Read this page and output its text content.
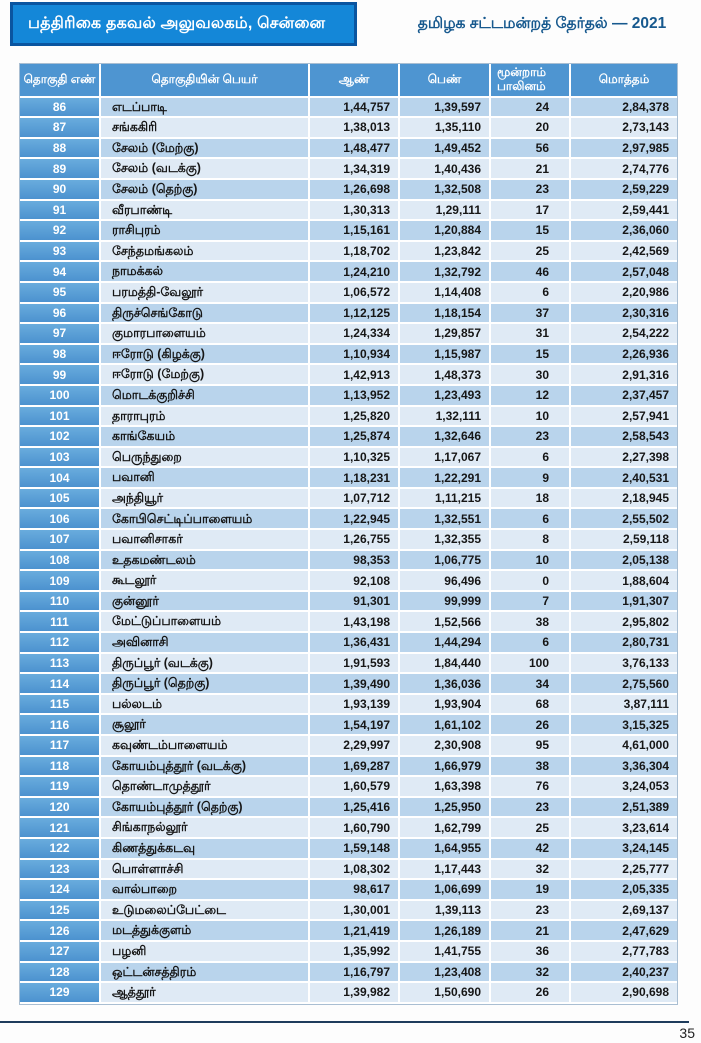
பத்திரிகை தகவல் அலுவலகம், சென்னை	தமிழக சட்டமன்றத் தேர்தல் — 2021
தொகுதி எண்	தொகுதியின் பெயர்	ஆண்	பெண்	மூன்றாம் பாலினம்	மொத்தம்
86	எடப்பாடி	1,44,757	1,39,597	24	2,84,378
87	சங்ககிரி	1,38,013	1,35,110	20	2,73,143
88	சேலம் (மேற்கு)	1,48,477	1,49,452	56	2,97,985
89	சேலம் (வடக்கு)	1,34,319	1,40,436	21	2,74,776
90	சேலம் (தெற்கு)	1,26,698	1,32,508	23	2,59,229
91	வீரபாண்டி	1,30,313	1,29,111	17	2,59,441
92	ராசிபுரம்	1,15,161	1,20,884	15	2,36,060
93	சேந்தமங்கலம்	1,18,702	1,23,842	25	2,42,569
94	நாமக்கல்	1,24,210	1,32,792	46	2,57,048
95	பரமத்தி-வேலூர்	1,06,572	1,14,408	6	2,20,986
96	திருச்செங்கோடு	1,12,125	1,18,154	37	2,30,316
97	குமாரபாளையம்	1,24,334	1,29,857	31	2,54,222
98	ஈரோடு (கிழக்கு)	1,10,934	1,15,987	15	2,26,936
99	ஈரோடு (மேற்கு)	1,42,913	1,48,373	30	2,91,316
100	மொடக்குறிச்சி	1,13,952	1,23,493	12	2,37,457
101	தாராபுரம்	1,25,820	1,32,111	10	2,57,941
102	காங்கேயம்	1,25,874	1,32,646	23	2,58,543
103	பெருந்துறை	1,10,325	1,17,067	6	2,27,398
104	பவானி	1,18,231	1,22,291	9	2,40,531
105	அந்தியூர்	1,07,712	1,11,215	18	2,18,945
106	கோபிசெட்டிப்பாளையம்	1,22,945	1,32,551	6	2,55,502
107	பவானிசாகர்	1,26,755	1,32,355	8	2,59,118
108	உதகமண்டலம்	98,353	1,06,775	10	2,05,138
109	கூடலூர்	92,108	96,496	0	1,88,604
110	குன்னூர்	91,301	99,999	7	1,91,307
111	மேட்டுப்பாளையம்	1,43,198	1,52,566	38	2,95,802
112	அவினாசி	1,36,431	1,44,294	6	2,80,731
113	திருப்பூர் (வடக்கு)	1,91,593	1,84,440	100	3,76,133
114	திருப்பூர் (தெற்கு)	1,39,490	1,36,036	34	2,75,560
115	பல்லடம்	1,93,139	1,93,904	68	3,87,111
116	சூலூர்	1,54,197	1,61,102	26	3,15,325
117	கவுண்டம்பாளையம்	2,29,997	2,30,908	95	4,61,000
118	கோயம்புத்தூர் (வடக்கு)	1,69,287	1,66,979	38	3,36,304
119	தொண்டாமுத்தூர்	1,60,579	1,63,398	76	3,24,053
120	கோயம்புத்தூர் (தெற்கு)	1,25,416	1,25,950	23	2,51,389
121	சிங்காநல்லூர்	1,60,790	1,62,799	25	3,23,614
122	கிணத்துக்கடவு	1,59,148	1,64,955	42	3,24,145
123	பொள்ளாச்சி	1,08,302	1,17,443	32	2,25,777
124	வால்பாறை	98,617	1,06,699	19	2,05,335
125	உடுமலைப்பேட்டை	1,30,001	1,39,113	23	2,69,137
126	மடத்துக்குளம்	1,21,419	1,26,189	21	2,47,629
127	பழனி	1,35,992	1,41,755	36	2,77,783
128	ஒட்டன்சத்திரம்	1,16,797	1,23,408	32	2,40,237
129	ஆத்தூர்	1,39,982	1,50,690	26	2,90,698
35
